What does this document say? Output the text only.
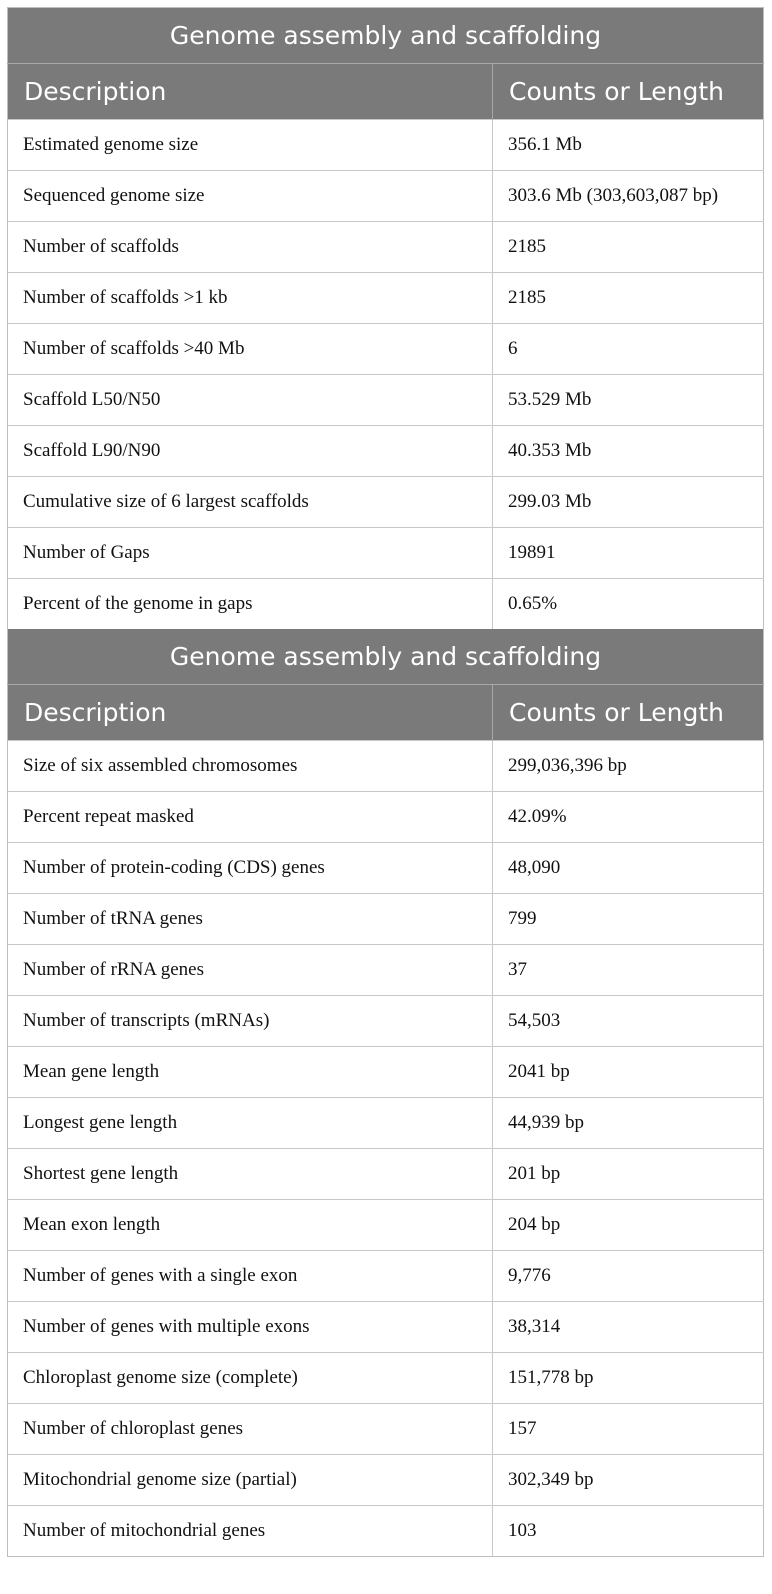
Genome assembly and scaffolding	
Description	Counts or Length
Estimated genome size	356.1 Mb
Sequenced genome size	303.6 Mb (303,603,087 bp)
Number of scaffolds	2185
Number of scaffolds >1 kb	2185
Number of scaffolds >40 Mb	6
Scaffold L50/N50	53.529 Mb
Scaffold L90/N90	40.353 Mb
Cumulative size of 6 largest scaffolds	299.03 Mb
Number of Gaps	19891
Percent of the genome in gaps	0.65%
Genome assembly and scaffolding	
Description	Counts or Length
Size of six assembled chromosomes	299,036,396 bp
Percent repeat masked	42.09%
Number of protein-coding (CDS) genes	48,090
Number of tRNA genes	799
Number of rRNA genes	37
Number of transcripts (mRNAs)	54,503
Mean gene length	2041 bp
Longest gene length	44,939 bp
Shortest gene length	201 bp
Mean exon length	204 bp
Number of genes with a single exon	9,776
Number of genes with multiple exons	38,314
Chloroplast genome size (complete)	151,778 bp
Number of chloroplast genes	157
Mitochondrial genome size (partial)	302,349 bp
Number of mitochondrial genes	103
